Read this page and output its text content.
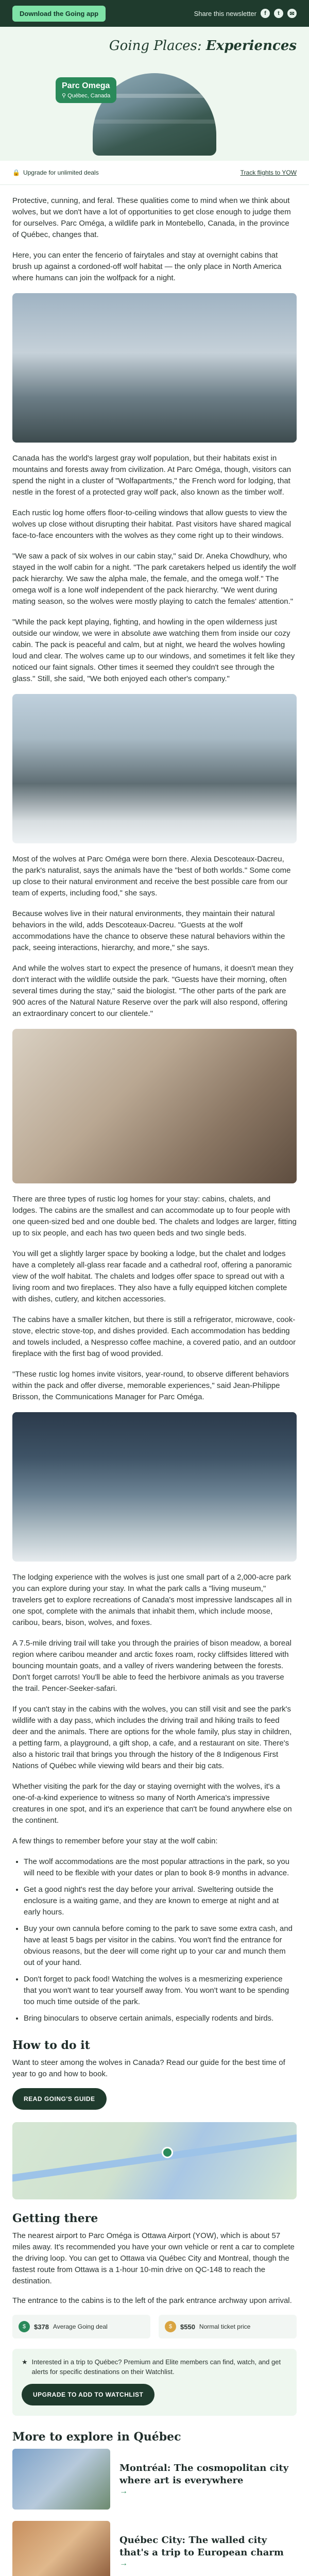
Download the Going app	Share this newsletter	f	t	✉
Going Places: Experiences
Parc Omega
⚲ Québec, Canada
🔒 Upgrade for unlimited deals	Track flights to YOW

Protective, cunning, and feral. These qualities come to mind when we think about wolves, but we don't have a lot of opportunities to get close enough to judge them for ourselves. Parc Oméga, a wildlife park in Montebello, Canada, in the province of Québec, changes that.

Here, you can enter the fencerio of fairytales and stay at overnight cabins that brush up against a cordoned-off wolf habitat — the only place in North America where humans can join the wolfpack for a night.

Canada has the world's largest gray wolf population, but their habitats exist in mountains and forests away from civilization. At Parc Oméga, though, visitors can spend the night in a cluster of "Wolfapartments," the French word for lodging, that nestle in the forest of a protected gray wolf pack, also known as the timber wolf.

Each rustic log home offers floor-to-ceiling windows that allow guests to view the wolves up close without disrupting their habitat. Past visitors have shared magical face-to-face encounters with the wolves as they come right up to their windows.

"We saw a pack of six wolves in our cabin stay," said Dr. Aneka Chowdhury, who stayed in the wolf cabin for a night. "The park caretakers helped us identify the wolf pack hierarchy. We saw the alpha male, the female, and the omega wolf." The omega wolf is a lone wolf independent of the pack hierarchy. "We went during mating season, so the wolves were mostly playing to catch the females' attention."

"While the pack kept playing, fighting, and howling in the open wilderness just outside our window, we were in absolute awe watching them from inside our cozy cabin. The pack is peaceful and calm, but at night, we heard the wolves howling loud and clear. The wolves came up to our windows, and sometimes it felt like they noticed our faint signals. Other times it seemed they couldn't see through the glass." Still, she said, "We both enjoyed each other's company."

Most of the wolves at Parc Oméga were born there. Alexia Descoteaux-Dacreu, the park's naturalist, says the animals have the "best of both worlds." Some come up close to their natural environment and receive the best possible care from our team of experts, including food," she says.

Because wolves live in their natural environments, they maintain their natural behaviors in the wild, adds Descoteaux-Dacreu. "Guests at the wolf accommodations have the chance to observe these natural behaviors within the pack, seeing interactions, hierarchy, and more," she says.

And while the wolves start to expect the presence of humans, it doesn't mean they don't interact with the wildlife outside the park. "Guests have their morning, often several times during the stay," said the biologist. "The other parts of the park are 900 acres of the Natural Nature Reserve over the park will also respond, offering an extraordinary concert to our clientele."

There are three types of rustic log homes for your stay: cabins, chalets, and lodges. The cabins are the smallest and can accommodate up to four people with one queen-sized bed and one double bed. The chalets and lodges are larger, fitting up to six people, and each has two queen beds and two single beds.

You will get a slightly larger space by booking a lodge, but the chalet and lodges have a completely all-glass rear facade and a cathedral roof, offering a panoramic view of the wolf habitat. The chalets and lodges offer space to spread out with a living room and two fireplaces. They also have a fully equipped kitchen complete with dishes, cutlery, and kitchen accessories.

The cabins have a smaller kitchen, but there is still a refrigerator, microwave, cook-stove, electric stove-top, and dishes provided. Each accommodation has bedding and towels included, a Nespresso coffee machine, a covered patio, and an outdoor fireplace with the first bag of wood provided.

"These rustic log homes invite visitors, year-round, to observe different behaviors within the pack and offer diverse, memorable experiences," said Jean-Philippe Brisson, the Communications Manager for Parc Oméga.

The lodging experience with the wolves is just one small part of a 2,000-acre park you can explore during your stay. In what the park calls a "living museum," travelers get to explore recreations of Canada's most impressive landscapes all in one spot, complete with the animals that inhabit them, which include moose, caribou, bears, bison, wolves, and foxes.

A 7.5-mile driving trail will take you through the prairies of bison meadow, a boreal region where caribou meander and arctic foxes roam, rocky cliffsides littered with bouncing mountain goats, and a valley of rivers wandering between the forests. Don't forget carrots! You'll be able to feed the herbivore animals as you traverse the trail. Pencer-Seeker-safari.

If you can't stay in the cabins with the wolves, you can still visit and see the park's wildlife with a day pass, which includes the driving trail and hiking trails to feed deer and the animals. There are options for the whole family, plus stay in children, a petting farm, a playground, a gift shop, a cafe, and a restaurant on site. There's also a historic trail that brings you through the history of the 8 Indigenous First Nations of Québec while viewing wild bears and their big cats.

Whether visiting the park for the day or staying overnight with the wolves, it's a one-of-a-kind experience to witness so many of North America's impressive creatures in one spot, and it's an experience that can't be found anywhere else on the continent.

A few things to remember before your stay at the wolf cabin:

• The wolf accommodations are the most popular attractions in the park, so you will need to be flexible with your dates or plan to book 8-9 months in advance.
• Get a good night's rest the day before your arrival. Sweltering outside the enclosure is a waiting game, and they are known to emerge at night and at early hours.
• Buy your own cannula before coming to the park to save some extra cash, and have at least 5 bags per visitor in the cabins. You won't find the entrance for obvious reasons, but the deer will come right up to your car and munch them out of your hand.
• Don't forget to pack food! Watching the wolves is a mesmerizing experience that you won't want to tear yourself away from. You won't want to be spending too much time outside of the park.
• Bring binoculars to observe certain animals, especially rodents and birds.
How to do it

Want to steer among the wolves in Canada? Read our guide for the best time of year to go and how to book.

READ GOING'S GUIDE
Getting there

The nearest airport to Parc Oméga is Ottawa Airport (YOW), which is about 57 miles away. It's recommended you have your own vehicle or rent a car to complete the driving loop. You can get to Ottawa via Québec City and Montreal, though the fastest route from Ottawa is a 1-hour 10-min drive on QC-148 to reach the destination.

The entrance to the cabins is to the left of the park entrance archway upon arrival.

$	$378 Average Going deal	$	$550 Normal ticket price
★ Interested in a trip to Québec? Premium and Elite members can find, watch, and get alerts for specific destinations on their Watchlist.
UPGRADE TO ADD TO WATCHLIST
More to explore in Québec
Montréal: The cosmopolitan city where art is everywhere
→
Québec City: The walled city that's a trip to European charm
→
